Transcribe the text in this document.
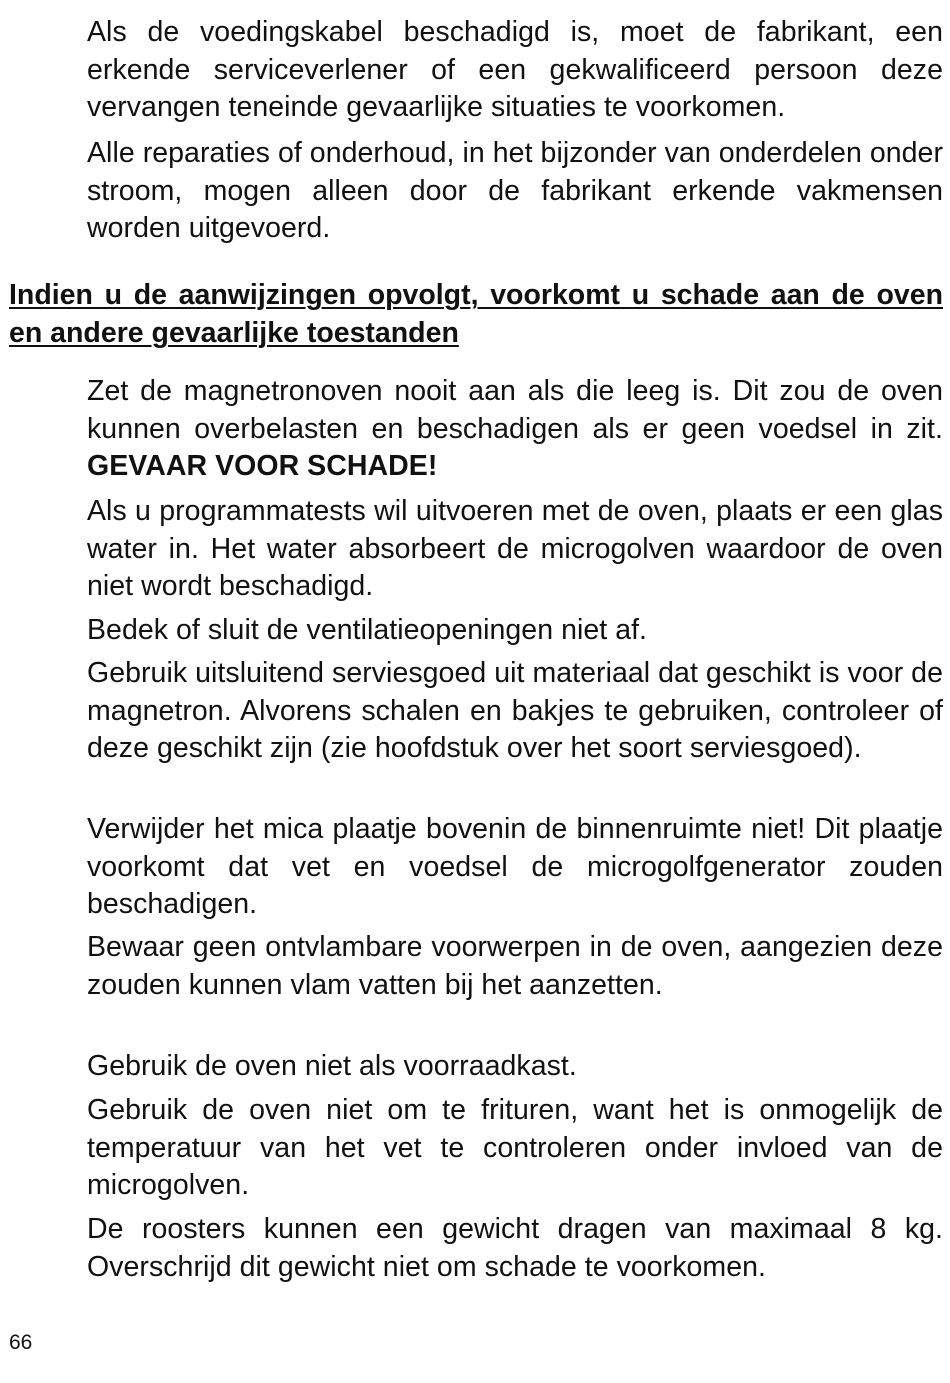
Als de voedingskabel beschadigd is, moet de fabrikant, een erkende serviceverlener of een gekwalificeerd persoon deze vervangen teneinde gevaarlijke situaties te voorkomen.

Alle reparaties of onderhoud, in het bijzonder van onderdelen onder stroom, mogen alleen door de fabrikant erkende vakmensen worden uitgevoerd.

Indien u de aanwijzingen opvolgt, voorkomt u schade aan de oven en andere gevaarlijke toestanden

Zet de magnetronoven nooit aan als die leeg is. Dit zou de oven kunnen overbelasten en beschadigen als er geen voedsel in zit. GEVAAR VOOR SCHADE!

Als u programmatests wil uitvoeren met de oven, plaats er een glas water in. Het water absorbeert de microgolven waardoor de oven niet wordt beschadigd.

Bedek of sluit de ventilatieopeningen niet af.

Gebruik uitsluitend serviesgoed uit materiaal dat geschikt is voor de magnetron. Alvorens schalen en bakjes te gebruiken, controleer of deze geschikt zijn (zie hoofdstuk over het soort serviesgoed).

Verwijder het mica plaatje bovenin de binnenruimte niet! Dit plaatje voorkomt dat vet en voedsel de microgolfgenerator zouden beschadigen.

Bewaar geen ontvlambare voorwerpen in de oven, aangezien deze zouden kunnen vlam vatten bij het aanzetten.

Gebruik de oven niet als voorraadkast.

Gebruik de oven niet om te frituren, want het is onmogelijk de temperatuur van het vet te controleren onder invloed van de microgolven.

De roosters kunnen een gewicht dragen van maximaal 8 kg. Overschrijd dit gewicht niet om schade te voorkomen.

66
